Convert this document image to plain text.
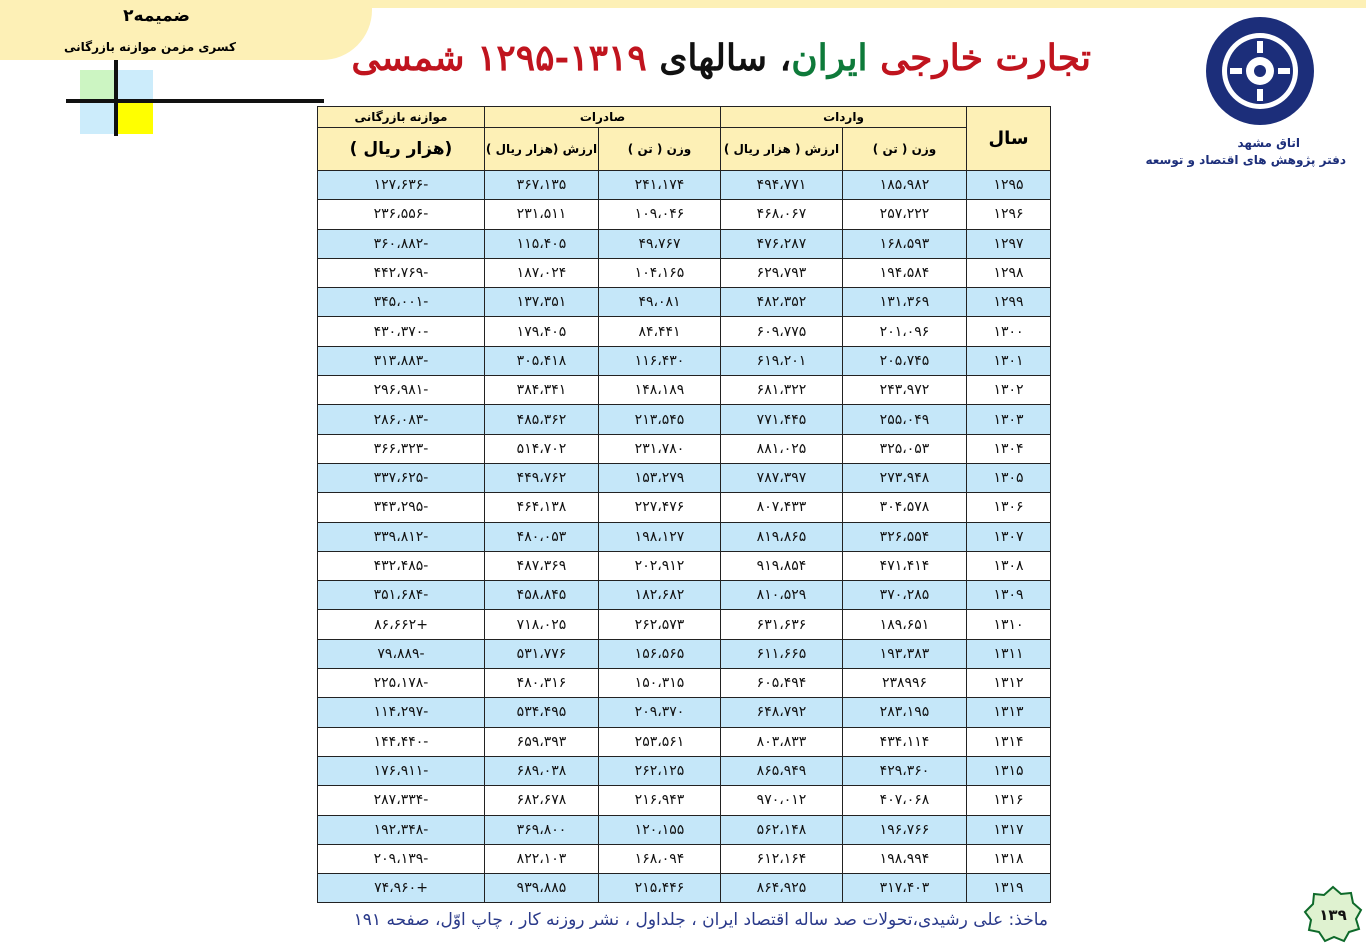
ضمیمه۲
کسری مزمن موازنه بازرگانی	تجارت خارجی ایران، سالهای ۱۳۱۹-۱۲۹۵ شمسی
اتاق مشهد
دفتر پژوهش های اقتصاد و توسعه
سال	واردات		صادرات		موازنه بازرگانی
	وزن ( تن )	ارزش ( هزار ریال )	وزن ( تن )	ارزش (هزار ریال )	(هزار ریال )
۱۲۹۵	۱۸۵،۹۸۲	۴۹۴،۷۷۱	۲۴۱،۱۷۴	۳۶۷،۱۳۵	-۱۲۷،۶۳۶
۱۲۹۶	۲۵۷،۲۲۲	۴۶۸،۰۶۷	۱۰۹،۰۴۶	۲۳۱،۵۱۱	-۲۳۶،۵۵۶
۱۲۹۷	۱۶۸،۵۹۳	۴۷۶،۲۸۷	۴۹،۷۶۷	۱۱۵،۴۰۵	-۳۶۰،۸۸۲
۱۲۹۸	۱۹۴،۵۸۴	۶۲۹،۷۹۳	۱۰۴،۱۶۵	۱۸۷،۰۲۴	-۴۴۲،۷۶۹
۱۲۹۹	۱۳۱،۳۶۹	۴۸۲،۳۵۲	۴۹،۰۸۱	۱۳۷،۳۵۱	-۳۴۵،۰۰۱
۱۳۰۰	۲۰۱،۰۹۶	۶۰۹،۷۷۵	۸۴،۴۴۱	۱۷۹،۴۰۵	-۴۳۰،۳۷۰
۱۳۰۱	۲۰۵،۷۴۵	۶۱۹،۲۰۱	۱۱۶،۴۳۰	۳۰۵،۴۱۸	-۳۱۳،۸۸۳
۱۳۰۲	۲۴۳،۹۷۲	۶۸۱،۳۲۲	۱۴۸،۱۸۹	۳۸۴،۳۴۱	-۲۹۶،۹۸۱
۱۳۰۳	۲۵۵،۰۴۹	۷۷۱،۴۴۵	۲۱۳،۵۴۵	۴۸۵،۳۶۲	-۲۸۶،۰۸۳
۱۳۰۴	۳۲۵،۰۵۳	۸۸۱،۰۲۵	۲۳۱،۷۸۰	۵۱۴،۷۰۲	-۳۶۶،۳۲۳
۱۳۰۵	۲۷۳،۹۴۸	۷۸۷،۳۹۷	۱۵۳،۲۷۹	۴۴۹،۷۶۲	-۳۳۷،۶۲۵
۱۳۰۶	۳۰۴،۵۷۸	۸۰۷،۴۳۳	۲۲۷،۴۷۶	۴۶۴،۱۳۸	-۳۴۳،۲۹۵
۱۳۰۷	۳۲۶،۵۵۴	۸۱۹،۸۶۵	۱۹۸،۱۲۷	۴۸۰،۰۵۳	-۳۳۹،۸۱۲
۱۳۰۸	۴۷۱،۴۱۴	۹۱۹،۸۵۴	۲۰۲،۹۱۲	۴۸۷،۳۶۹	-۴۳۲،۴۸۵
۱۳۰۹	۳۷۰،۲۸۵	۸۱۰،۵۲۹	۱۸۲،۶۸۲	۴۵۸،۸۴۵	-۳۵۱،۶۸۴
۱۳۱۰	۱۸۹،۶۵۱	۶۳۱،۶۳۶	۲۶۲،۵۷۳	۷۱۸،۰۲۵	+۸۶،۶۶۲
۱۳۱۱	۱۹۳،۳۸۳	۶۱۱،۶۶۵	۱۵۶،۵۶۵	۵۳۱،۷۷۶	-۷۹،۸۸۹
۱۳۱۲	۲۳۸۹۹۶	۶۰۵،۴۹۴	۱۵۰،۳۱۵	۴۸۰،۳۱۶	-۲۲۵،۱۷۸
۱۳۱۳	۲۸۳،۱۹۵	۶۴۸،۷۹۲	۲۰۹،۳۷۰	۵۳۴،۴۹۵	-۱۱۴،۲۹۷
۱۳۱۴	۴۳۴،۱۱۴	۸۰۳،۸۳۳	۲۵۳،۵۶۱	۶۵۹،۳۹۳	-۱۴۴،۴۴۰
۱۳۱۵	۴۲۹،۳۶۰	۸۶۵،۹۴۹	۲۶۲،۱۲۵	۶۸۹،۰۳۸	-۱۷۶،۹۱۱
۱۳۱۶	۴۰۷،۰۶۸	۹۷۰،۰۱۲	۲۱۶،۹۴۳	۶۸۲،۶۷۸	-۲۸۷،۳۳۴
۱۳۱۷	۱۹۶،۷۶۶	۵۶۲،۱۴۸	۱۲۰،۱۵۵	۳۶۹،۸۰۰	-۱۹۲،۳۴۸
۱۳۱۸	۱۹۸،۹۹۴	۶۱۲،۱۶۴	۱۶۸،۰۹۴	۸۲۲،۱۰۳	-۲۰۹،۱۳۹
۱۳۱۹	۳۱۷،۴۰۳	۸۶۴،۹۲۵	۲۱۵،۴۴۶	۹۳۹،۸۸۵	+۷۴،۹۶۰
ماخذ: علی رشیدی،تحولات صد ساله اقتصاد ایران ، جلداول ، نشر روزنه کار ، چاپ اوّل، صفحه ۱۹۱	۱۳۹
